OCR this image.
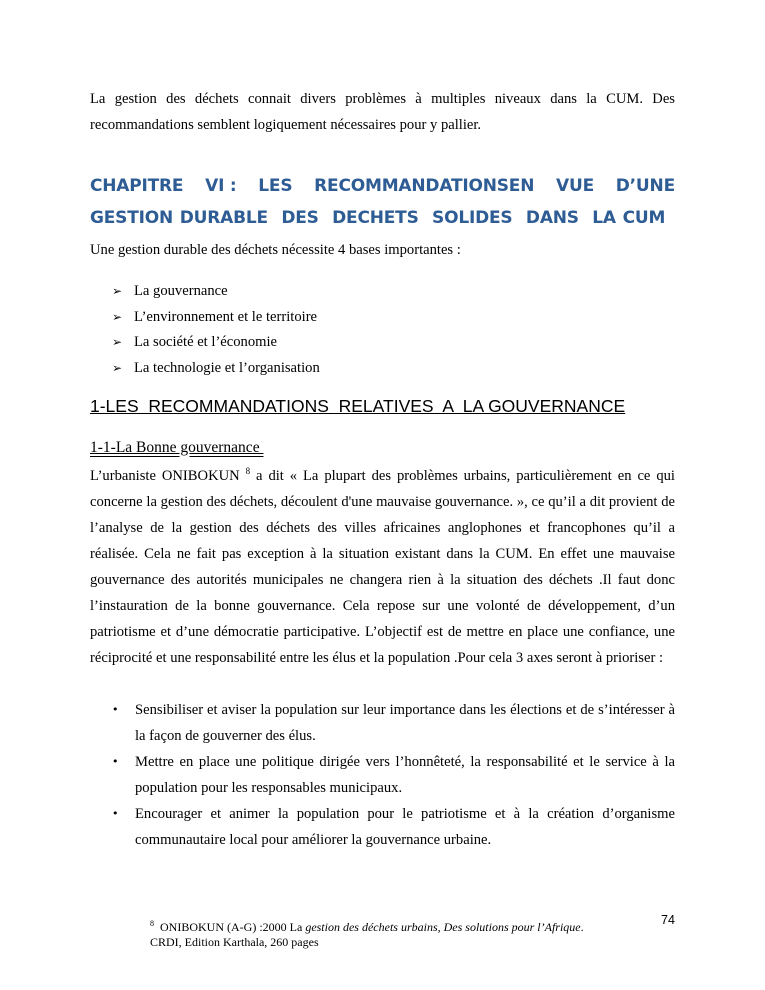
La gestion des déchets connait divers problèmes à multiples niveaux dans la CUM. Des recommandations semblent logiquement nécessaires pour y pallier.

CHAPITRE VI : LES RECOMMANDATIONSEN VUE D’UNE
GESTION DURABLE  DES  DECHETS  SOLIDES  DANS  LA CUM
Une gestion durable des déchets nécessite 4 bases importantes :
➢ La gouvernance
➢ L’environnement et le territoire
➢ La société et l’économie
➢ La technologie et l’organisation
1-LES  RECOMMANDATIONS  RELATIVES  A  LA GOUVERNANCE
1-1-La Bonne gouvernance

L’urbaniste ONIBOKUN $^8$ a dit « La plupart des problèmes urbains, particulièrement en ce qui concerne la gestion des déchets, découlent d'une mauvaise gouvernance. », ce qu’il a dit provient de l’analyse de la gestion des déchets des villes africaines anglophones et francophones qu’il a réalisée. Cela ne fait pas exception à la situation existant dans la CUM. En effet une mauvaise gouvernance des autorités municipales ne changera rien à la situation des déchets .Il faut donc l’instauration de la bonne gouvernance. Cela repose sur une volonté de développement, d’un patriotisme et d’une démocratie participative. L’objectif est de mettre en place une confiance, une réciprocité et une responsabilité entre les élus et la population .Pour cela 3 axes seront à prioriser :

• Sensibiliser et aviser la population sur leur importance dans les élections et de s’intéresser à la façon de gouverner des élus.
• Mettre en place une politique dirigée vers l’honnêteté, la responsabilité et le service à la population pour les responsables municipaux.
• Encourager et animer la population pour le patriotisme et à la création d’organisme communautaire local pour améliorer la gouvernance urbaine.
74
$^8$ ONIBOKUN (A-G) :2000 La gestion des déchets urbains, Des solutions pour l’Afrique.
CRDI, Edition Karthala, 260 pages
